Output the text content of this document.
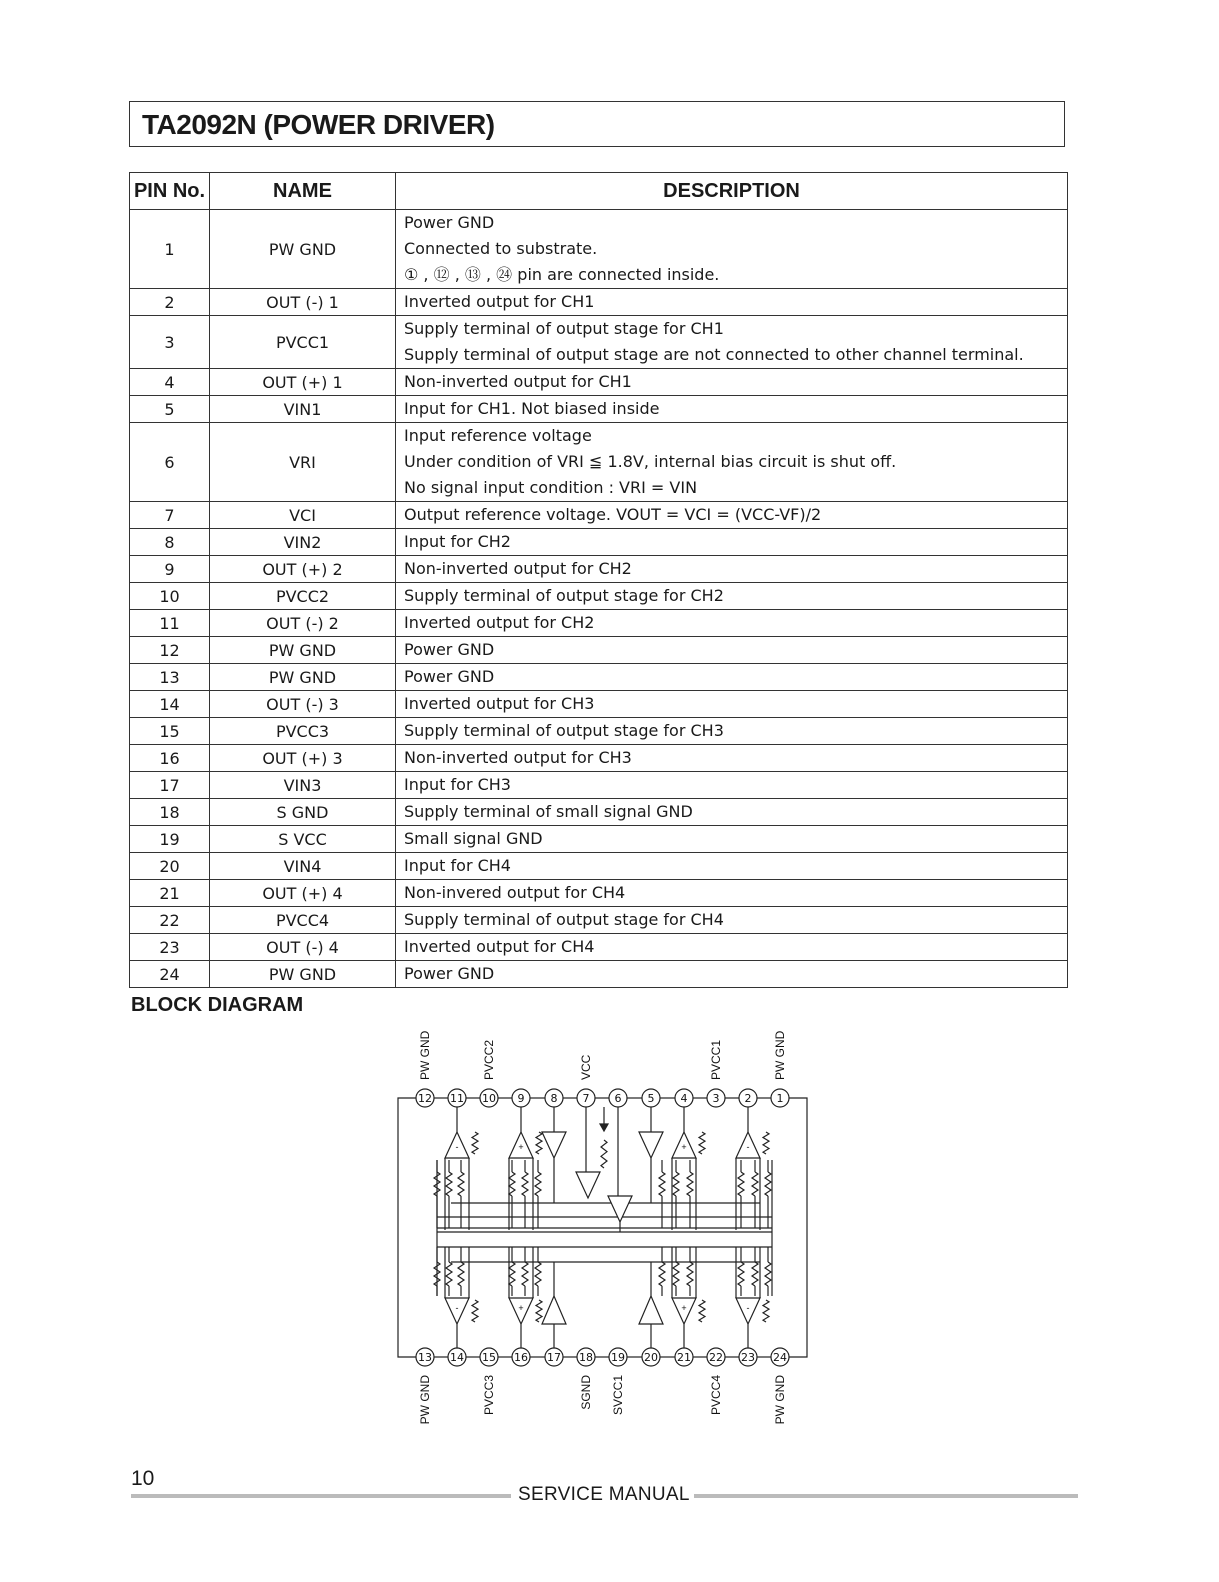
TA2092N (POWER DRIVER)
PIN No.	NAME	DESCRIPTION
1	PW GND	Power GND
Connected to substrate.
① , ⑫ , ⑬ , ㉔ pin are connected inside.

2	OUT (-) 1	Inverted output for CH1

3	PVCC1	Supply terminal of output stage for CH1
Supply terminal of output stage are not connected to other channel terminal.

4	OUT (+) 1	Non-inverted output for CH1

5	VIN1	Input for CH1. Not biased inside

6	VRI	Input reference voltage
Under condition of VRI ≦ 1.8V, internal bias circuit is shut off.
No signal input condition : VRI = VIN

7	VCI	Output reference voltage. VOUT = VCI = (VCC-VF)/2

8	VIN2	Input for CH2

9	OUT (+) 2	Non-inverted output for CH2

10	PVCC2	Supply terminal of output stage for CH2

11	OUT (-) 2	Inverted output for CH2

12	PW GND	Power GND

13	PW GND	Power GND

14	OUT (-) 3	Inverted output for CH3

15	PVCC3	Supply terminal of output stage for CH3

16	OUT (+) 3	Non-inverted output for CH3

17	VIN3	Input for CH3

18	S GND	Supply terminal of small signal GND

19	S VCC	Small signal GND

20	VIN4	Input for CH4

21	OUT (+) 4	Non-invered output for CH4

22	PVCC4	Supply terminal of output stage for CH4

23	OUT (-) 4	Inverted output for CH4

24	PW GND	Power GND
BLOCK DIAGRAM
12
PW GND
11 10
PVCC2
9 8 7
VCC
6 5 4 3
PVCC1
2 1
PW GND
13
PW GND
14 15
PVCC3
16 17 18
SGND
19
SVCC1
20 21 22
PVCC4
23 24
PW GND
-	+	+	-
-	+	+	-
10
SERVICE MANUAL
